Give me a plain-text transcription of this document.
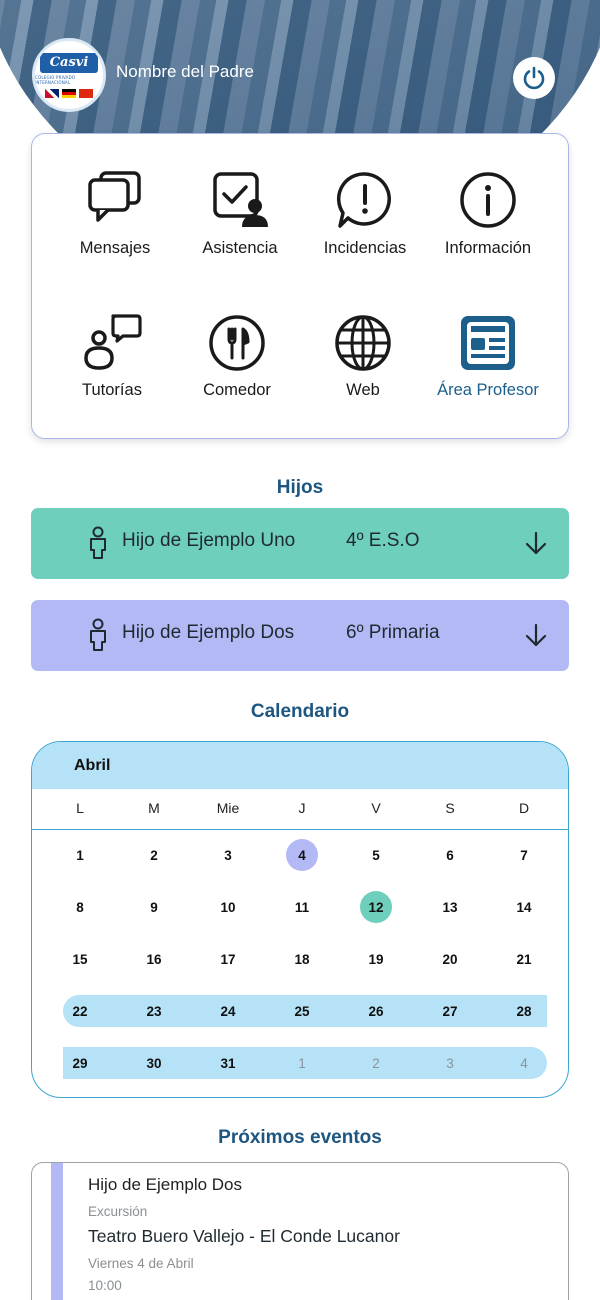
Casvi
COLEGIO PRIVADO INTERNACIONAL
Nombre del Padre
Mensajes	Asistencia	Incidencias Información
Tutorías	Comedor	Web	Área Profesor
Hijos
Hijo de Ejemplo Uno	4º E.S.O
Hijo de Ejemplo Dos	6º Primaria
Calendario
Abril
L	M	Mie	J	V	S	D
1	2	3	4	5	6	7
8	9	10	11	12	13	14
15	16	17	18	19	20	21
22	23	24	25	26	27	28
29	30	31	1	2	3	4
Próximos eventos
Hijo de Ejemplo Dos
Excursión
Teatro Buero Vallejo - El Conde Lucanor
Viernes 4 de Abril
10:00
